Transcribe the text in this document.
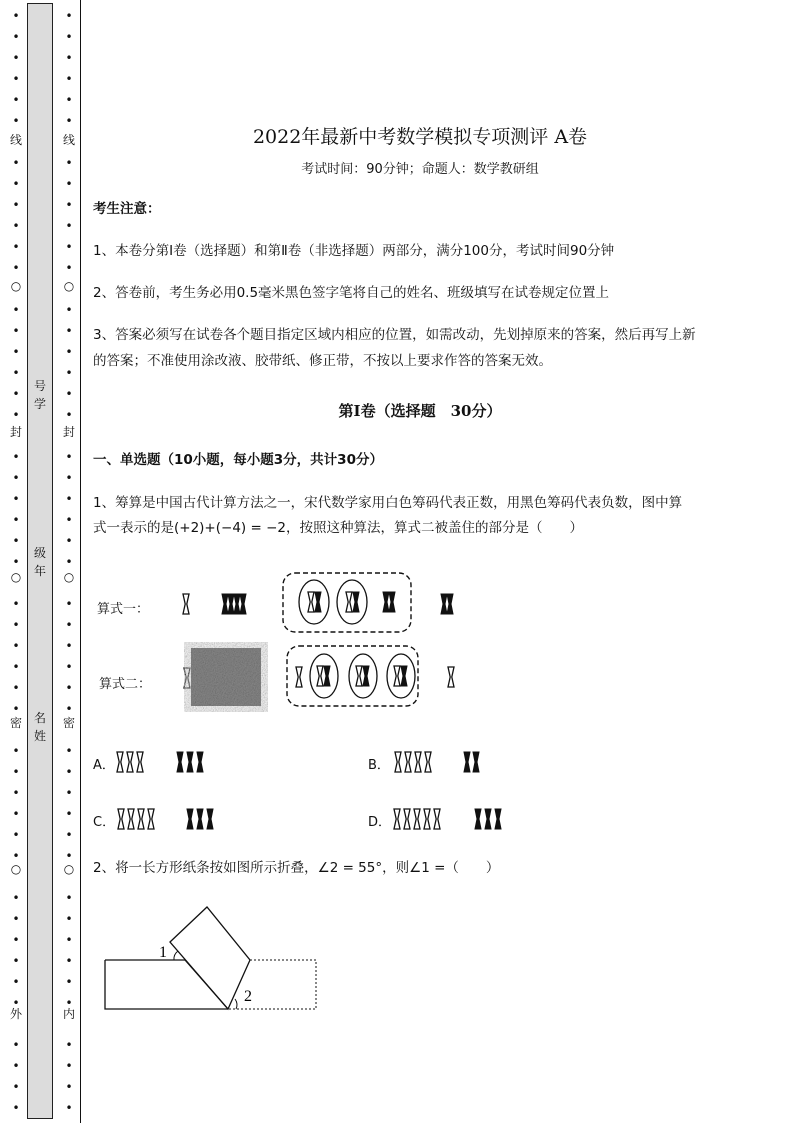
•
•
•
•
•
•
•
•
•
•
•
•
•
•
•
•
•
•
•
•
•
•
•
•
•
•
•
•
•
•
•
•
•
•
•
•
•
•
•
•
•
•
•
•
•
•
•
•
•
•
•
•
•
•
•
•
•
•
•
•
•
•
•
•
•
•
•
•
•
•
•
•
•
•
•
•
•
•
•
•
•
•
•
•
•
•
•
•
•
•
•
•
线
○
封
○
密
○
外
线
○
封
○
密
○
内
号
学
级
年
名
姓
2022年最新中考数学模拟专项测评 A卷
考试时间：90分钟；命题人：数学教研组
考生注意：
1、本卷分第I卷（选择题）和第Ⅱ卷（非选择题）两部分，满分100分，考试时间90分钟
2、答卷前，考生务必用0.5毫米黑色签字笔将自己的姓名、班级填写在试卷规定位置上
3、答案必须写在试卷各个题目指定区域内相应的位置，如需改动，先划掉原来的答案，然后再写上新
的答案；不准使用涂改液、胶带纸、修正带，不按以上要求作答的答案无效。
第I卷（选择题　30分）
一、单选题（10小题，每小题3分，共计30分）
1、筹算是中国古代计算方法之一，宋代数学家用白色筹码代表正数，用黑色筹码代表负数，图中算
式一表示的是(+2)+(−4) = −2，按照这种算法，算式二被盖住的部分是（　　）
算式一：
算式二：
A．	B．
C．	D．
2、将一长方形纸条按如图所示折叠，∠2 = 55°，则∠1 =（　　）
1
2
